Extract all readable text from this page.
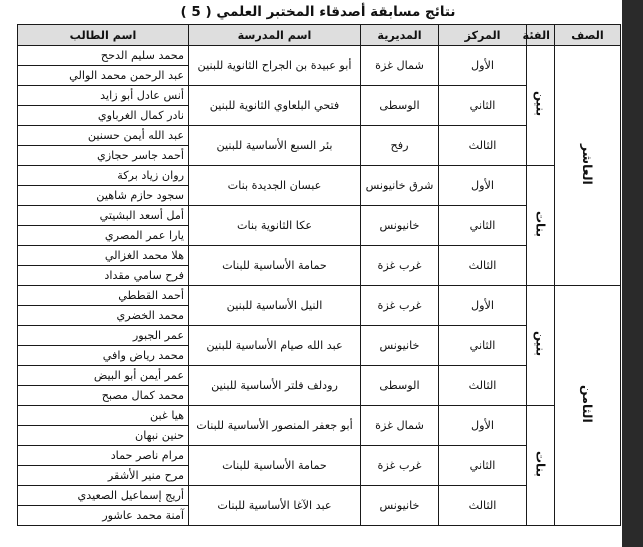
نتائج مسابقة أصدقاء المختبر العلمي ( 5 )
الصف	الفئة	المركز	المديرية	اسم المدرسة	اسم الطالب
العاشر	بنين	الأول	شمال غزة	أبو عبيدة بن الجراح الثانوية للبنين	محمد سليم الدحح
					عبد الرحمن محمد الوالي
		الثاني	الوسطى	فتحي البلعاوي الثانوية للبنين	أنس عادل أبو زايد
					نادر كمال الغرباوي
		الثالث	رفح	بئر السبع الأساسية للبنين	عبد الله أيمن حسنين
					أحمد جاسر حجازي
	بنات	الأول	شرق خانيونس	عبسان الجديدة بنات	روان زياد بركة
					سجود حازم شاهين
		الثاني	خانيونس	عكا الثانوية بنات	أمل أسعد البشيتي
					يارا عمر المصري
		الثالث	غرب غزة	حمامة الأساسية للبنات	هلا محمد الغزالي
					فرح سامي مقداد
الثامن	بنين	الأول	غرب غزة	النيل الأساسية للبنين	أحمد القططي
					محمد الخضري
		الثاني	خانيونس	عبد الله صيام الأساسية للبنين	عمر الجبور
					محمد رياض وافي
		الثالث	الوسطى	رودلف فلتر الأساسية للبنين	عمر أيمن أبو البيض
					محمد كمال مصبح
	بنات	الأول	شمال غزة	أبو جعفر المنصور الأساسية للبنات	هيا غبن
					حنين نبهان
		الثاني	غرب غزة	حمامة الأساسية للبنات	مرام ناصر حماد
					مرح منير الأشقر
		الثالث	خانيونس	عبد الآغا الأساسية للبنات	أريج إسماعيل الصعيدي
					آمنة محمد عاشور
